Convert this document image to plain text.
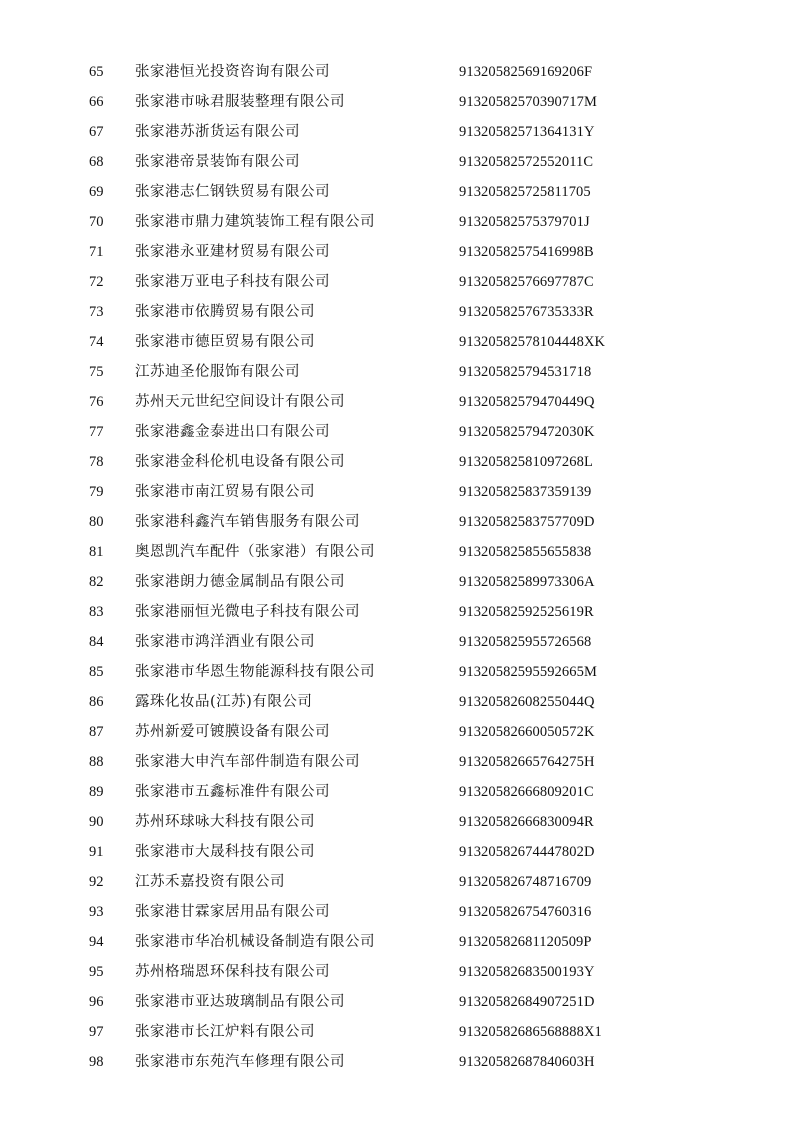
65 张家港恒光投资咨询有限公司	91320582569169206F
66 张家港市咏君服装整理有限公司	91320582570390717M
67 张家港苏浙货运有限公司	91320582571364131Y
68 张家港帝景装饰有限公司	91320582572552011C
69 张家港志仁钢铁贸易有限公司	913205825725811705
70 张家港市鼎力建筑装饰工程有限公司	91320582575379701J
71 张家港永亚建材贸易有限公司	91320582575416998B
72 张家港万亚电子科技有限公司	91320582576697787C
73 张家港市依腾贸易有限公司	91320582576735333R
74 张家港市德臣贸易有限公司	91320582578104448XK
75 江苏迪圣伦服饰有限公司	913205825794531718
76 苏州天元世纪空间设计有限公司	91320582579470449Q
77 张家港鑫金泰进出口有限公司	91320582579472030K
78 张家港金科伦机电设备有限公司	91320582581097268L
79 张家港市南江贸易有限公司	913205825837359139
80 张家港科鑫汽车销售服务有限公司	91320582583757709D
81 奥恩凯汽车配件（张家港）有限公司	913205825855655838
82 张家港朗力德金属制品有限公司	91320582589973306A
83 张家港丽恒光微电子科技有限公司	91320582592525619R
84 张家港市鸿洋酒业有限公司	913205825955726568
85 张家港市华恩生物能源科技有限公司	91320582595592665M
86 露珠化妆品(江苏)有限公司	91320582608255044Q
87 苏州新爱可镀膜设备有限公司	91320582660050572K
88 张家港大申汽车部件制造有限公司	91320582665764275H
89 张家港市五鑫标准件有限公司	91320582666809201C
90 苏州环球咏大科技有限公司	91320582666830094R
91 张家港市大晟科技有限公司	91320582674447802D
92 江苏禾嘉投资有限公司	913205826748716709
93 张家港甘霖家居用品有限公司	913205826754760316
94 张家港市华冶机械设备制造有限公司	91320582681120509P
95 苏州格瑞恩环保科技有限公司	91320582683500193Y
96 张家港市亚达玻璃制品有限公司	91320582684907251D
97 张家港市长江炉料有限公司	91320582686568888X1
98 张家港市东苑汽车修理有限公司	91320582687840603H
